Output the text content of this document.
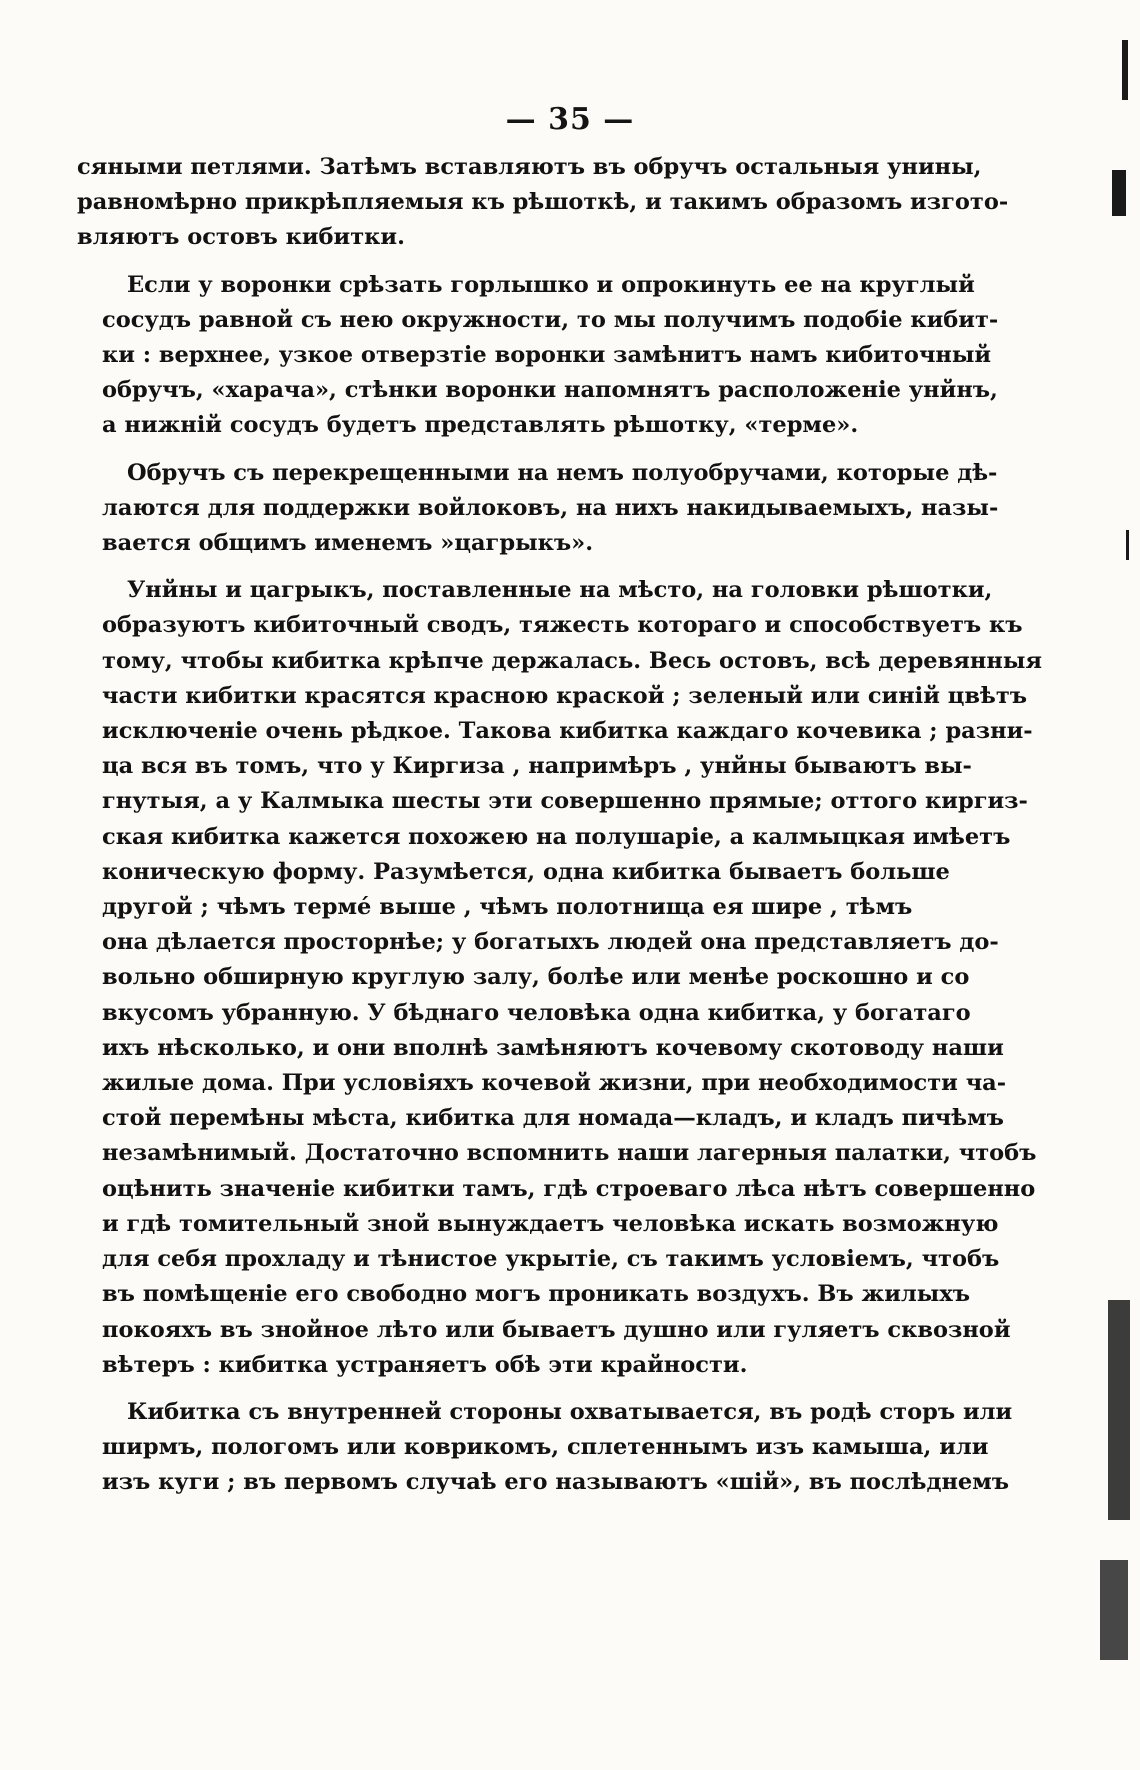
— 35 —
сяными петлями. Затѣмъ вставляютъ въ обручъ остальныя унины,
равномѣрно прикрѣпляемыя къ рѣшоткѣ, и такимъ образомъ изгото-
вляютъ остовъ кибитки.
Если у воронки срѣзать горлышко и опрокинуть ее на круглый
сосудъ равной съ нею окружности, то мы получимъ подобіе кибит-
ки : верхнее, узкое отверзтіе воронки замѣнитъ намъ кибиточный
обручъ, «харача», стѣнки воронки напомнятъ расположеніе унйнъ,
а нижній сосудъ будетъ представлять рѣшотку, «терме».
Обручъ съ перекрещенными на немъ полуобручами, которые дѣ-
лаются для поддержки войлоковъ, на нихъ накидываемыхъ, назы-
вается общимъ именемъ »цагрыкъ».
Унйны и цагрыкъ, поставленные на мѣсто, на головки рѣшотки,
образуютъ кибиточный сводъ, тяжесть котораго и способствуетъ къ
тому, чтобы кибитка крѣпче держалась. Весь остовъ, всѣ деревянныя
части кибитки красятся красною краской ; зеленый или синій цвѣтъ
исключеніе очень рѣдкое. Такова кибитка каждаго кочевика ; разни-
ца вся въ томъ, что у Киргиза , напримѣръ , унйны бываютъ вы-
гнутыя, а у Калмыка шесты эти совершенно прямые; оттого киргиз-
ская кибитка кажется похожею на полушаріе, а калмыцкая имѣетъ
коническую форму. Разумѣется, одна кибитка бываетъ больше
другой ; чѣмъ термé выше , чѣмъ полотнища ея шире , тѣмъ
она дѣлается просторнѣе; у богатыхъ людей она представляетъ до-
вольно обширную круглую залу, болѣе или менѣе роскошно и со
вкусомъ убранную. У бѣднаго человѣка одна кибитка, у богатаго
ихъ нѣсколько, и они вполнѣ замѣняютъ кочевому скотоводу наши
жилые дома. При условіяхъ кочевой жизни, при необходимости ча-
стой перемѣны мѣста, кибитка для номада—кладъ, и кладъ пичѣмъ
незамѣнимый. Достаточно вспомнить наши лагерныя палатки, чтобъ
оцѣнить значеніе кибитки тамъ, гдѣ строеваго лѣса нѣтъ совершенно
и гдѣ томительный зной вынуждаетъ человѣка искать возможную
для себя прохладу и тѣнистое укрытіе, съ такимъ условіемъ, чтобъ
въ помѣщеніе его свободно могъ проникать воздухъ. Въ жилыхъ
покояхъ въ знойное лѣто или бываетъ душно или гуляетъ сквозной
вѣтеръ : кибитка устраняетъ обѣ эти крайности.
Кибитка съ внутренней стороны охватывается, въ родѣ сторъ или
ширмъ, пологомъ или коврикомъ, сплетеннымъ изъ камыша, или
изъ куги ; въ первомъ случаѣ его называютъ «шій», въ послѣднемъ
